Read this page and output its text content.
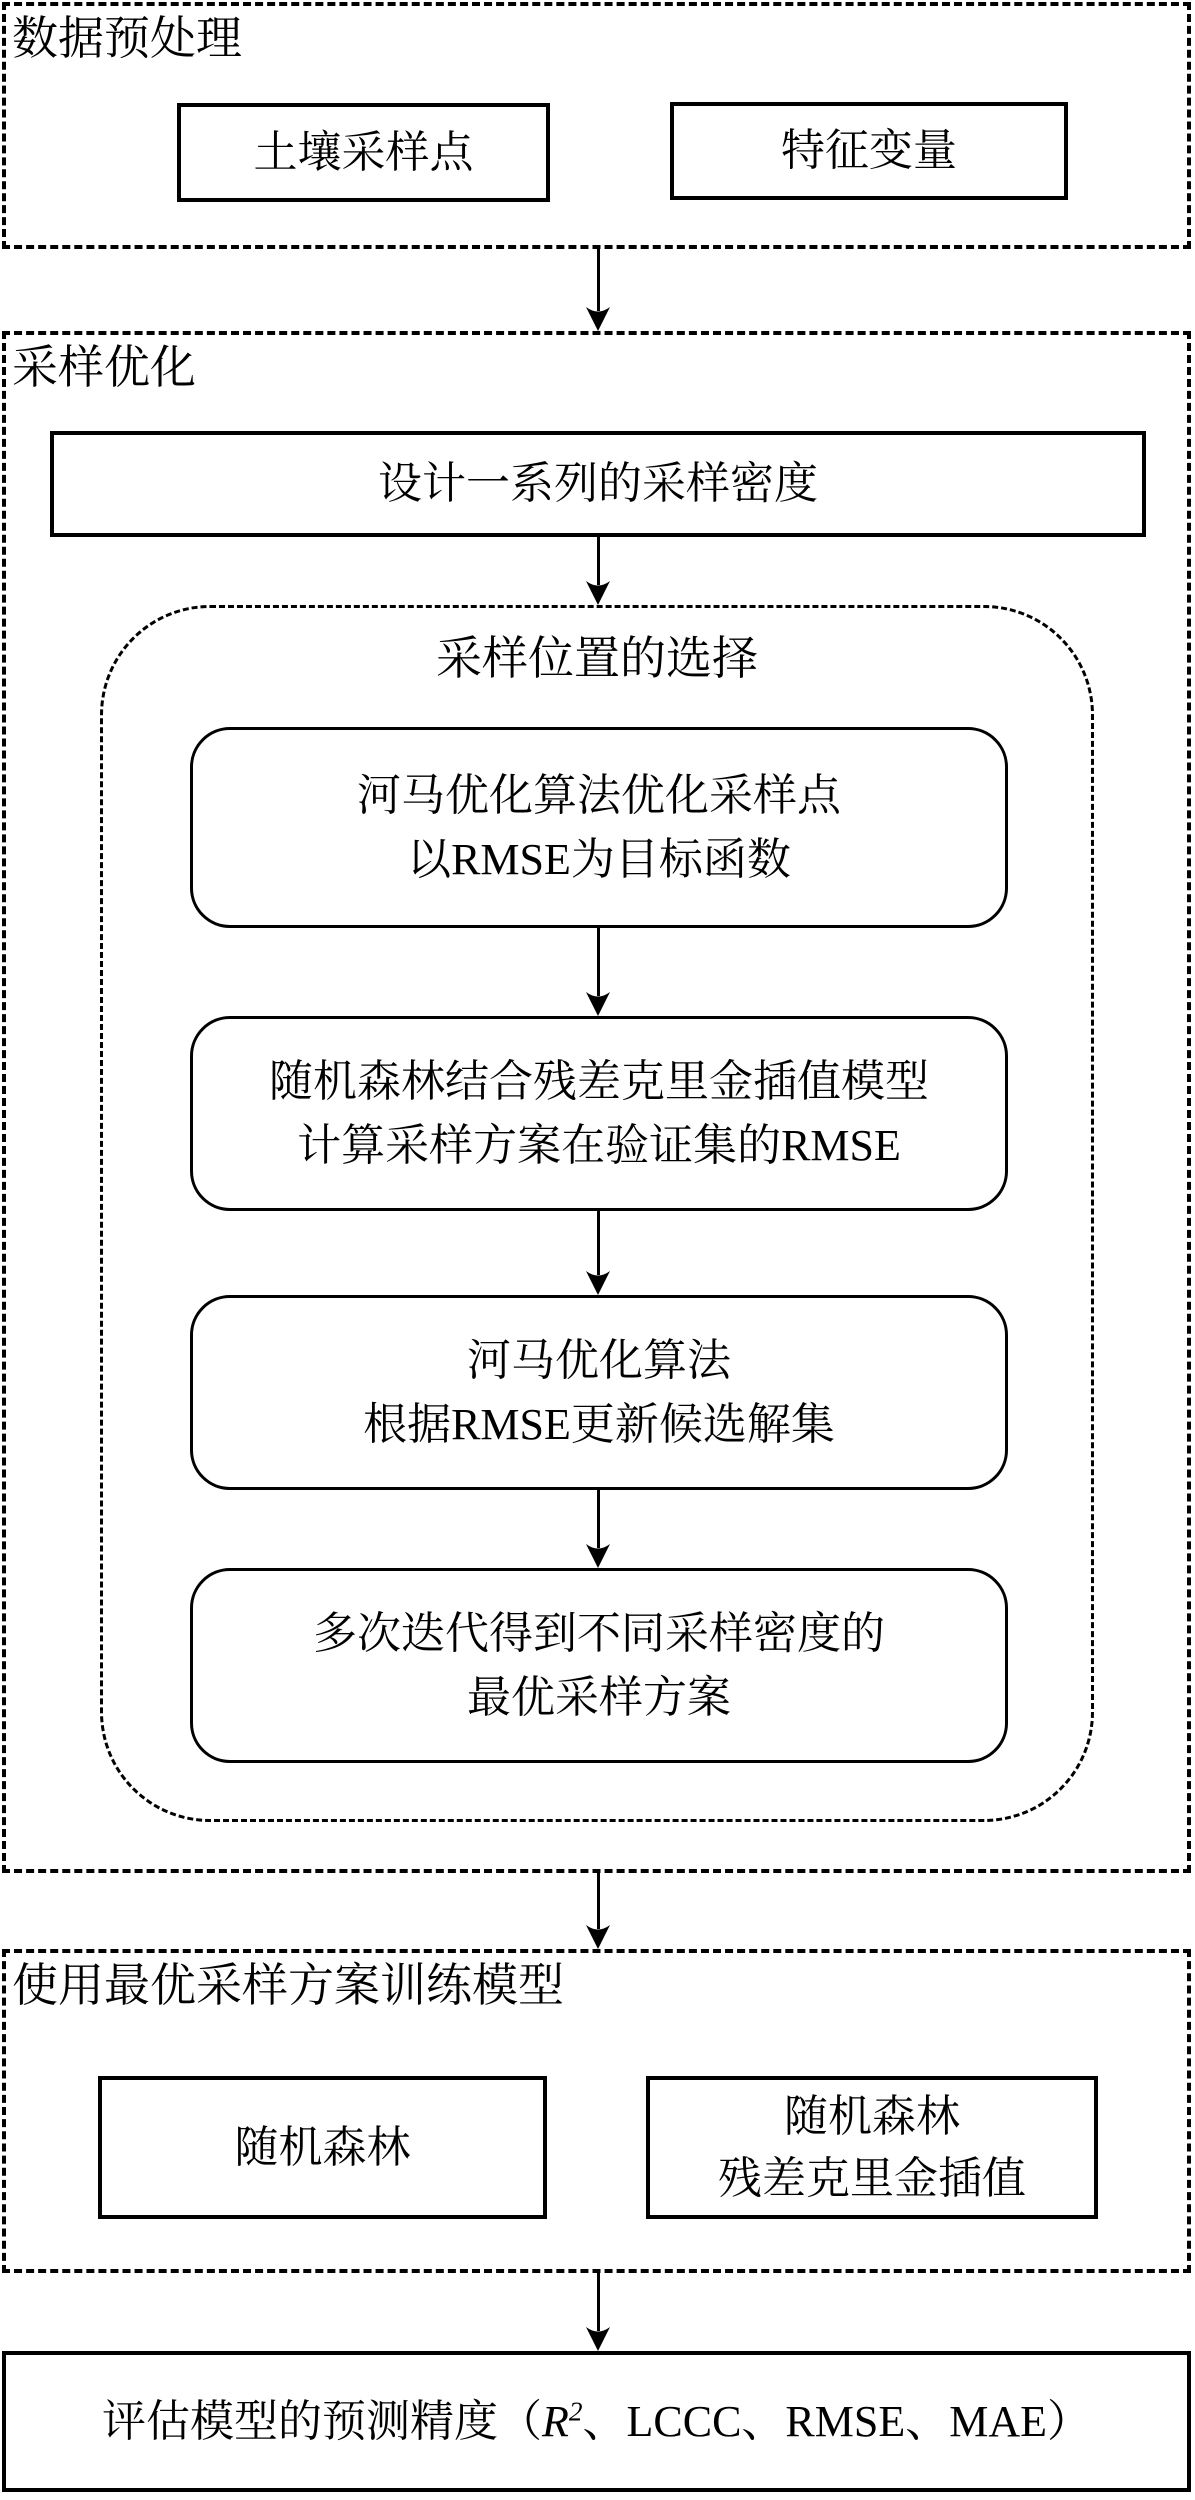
数据预处理
土壤采样点	特征变量
采样优化
设计一系列的采样密度
采样位置的选择
河马优化算法优化采样点
以RMSE为目标函数
随机森林结合残差克里金插值模型
计算采样方案在验证集的RMSE
河马优化算法
根据RMSE更新候选解集
多次迭代得到不同采样密度的
最优采样方案
使用最优采样方案训练模型
随机森林
随机森林
残差克里金插值
评估模型的预测精度（$R^2$、LCCC、RMSE、MAE）
